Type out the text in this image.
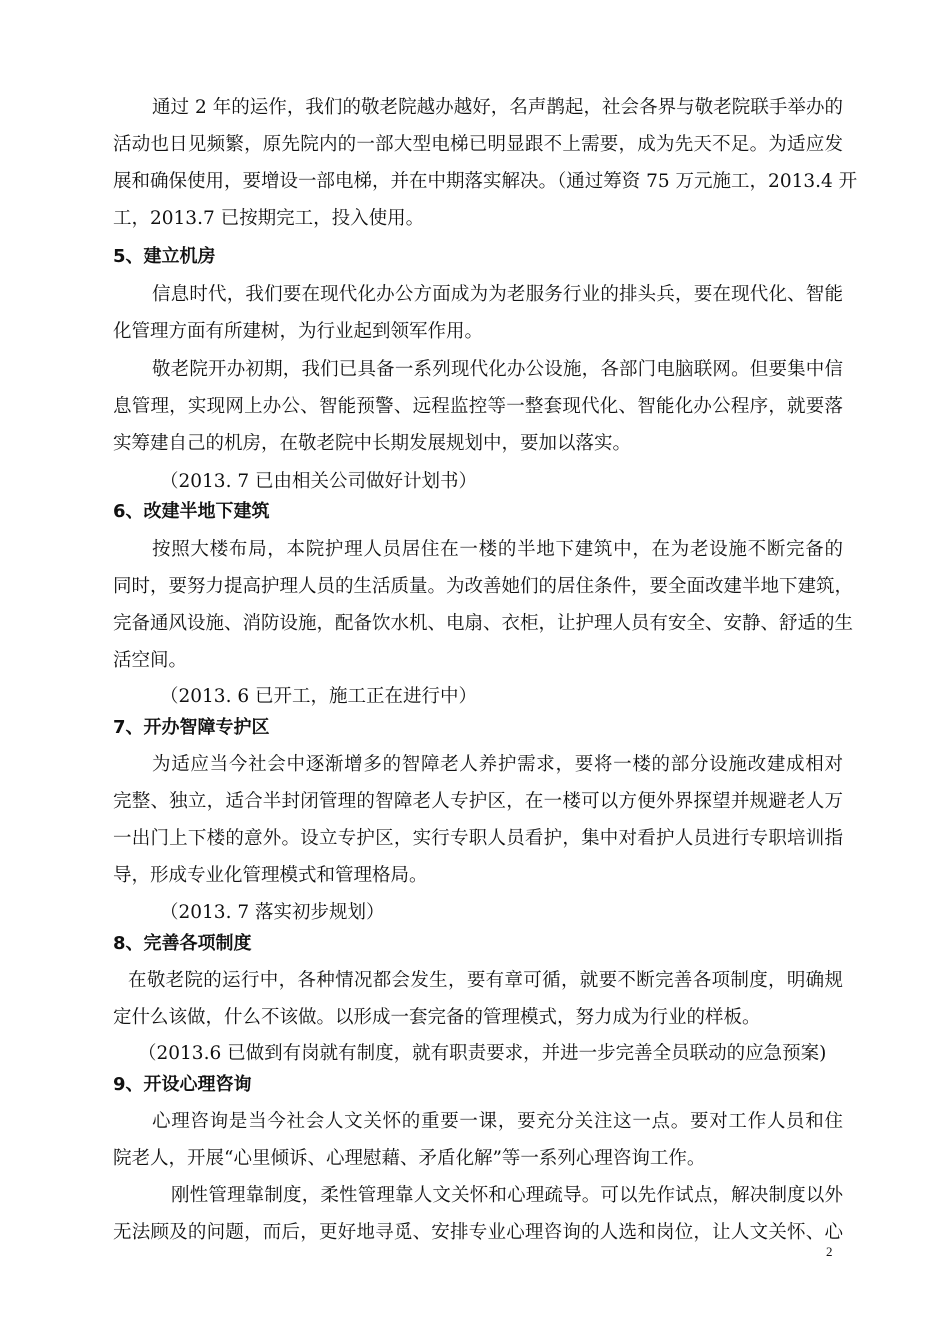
通过 2 年的运作，我们的敬老院越办越好，名声鹊起，社会各界与敬老院联手举办的
活动也日见频繁，原先院内的一部大型电梯已明显跟不上需要，成为先天不足。为适应发
展和确保使用，要增设一部电梯，并在中期落实解决。（通过筹资 75 万元施工，2013.4 开
工，2013.7 已按期完工，投入使用。
5、建立机房
信息时代，我们要在现代化办公方面成为为老服务行业的排头兵，要在现代化、智能
化管理方面有所建树，为行业起到领军作用。
敬老院开办初期，我们已具备一系列现代化办公设施，各部门电脑联网。但要集中信
息管理，实现网上办公、智能预警、远程监控等一整套现代化、智能化办公程序，就要落
实筹建自己的机房，在敬老院中长期发展规划中，要加以落实。
（2013. 7 已由相关公司做好计划书）
6、改建半地下建筑
按照大楼布局，本院护理人员居住在一楼的半地下建筑中，在为老设施不断完备的
同时，要努力提高护理人员的生活质量。为改善她们的居住条件，要全面改建半地下建筑，
完备通风设施、消防设施，配备饮水机、电扇、衣柜，让护理人员有安全、安静、舒适的生
活空间。
（2013. 6 已开工，施工正在进行中）
7、开办智障专护区
为适应当今社会中逐渐增多的智障老人养护需求，要将一楼的部分设施改建成相对
完整、独立，适合半封闭管理的智障老人专护区，在一楼可以方便外界探望并规避老人万
一出门上下楼的意外。设立专护区，实行专职人员看护，集中对看护人员进行专职培训指
导，形成专业化管理模式和管理格局。
（2013. 7 落实初步规划）
8、完善各项制度
在敬老院的运行中，各种情况都会发生，要有章可循，就要不断完善各项制度，明确规
定什么该做，什么不该做。以形成一套完备的管理模式，努力成为行业的样板。
（2013.6 已做到有岗就有制度，就有职责要求，并进一步完善全员联动的应急预案)
9、开设心理咨询
心理咨询是当今社会人文关怀的重要一课，要充分关注这一点。要对工作人员和住
院老人，开展“心里倾诉、心理慰藉、矛盾化解”等一系列心理咨询工作。
刚性管理靠制度，柔性管理靠人文关怀和心理疏导。可以先作试点，解决制度以外
无法顾及的问题，而后，更好地寻觅、安排专业心理咨询的人选和岗位，让人文关怀、心
2
